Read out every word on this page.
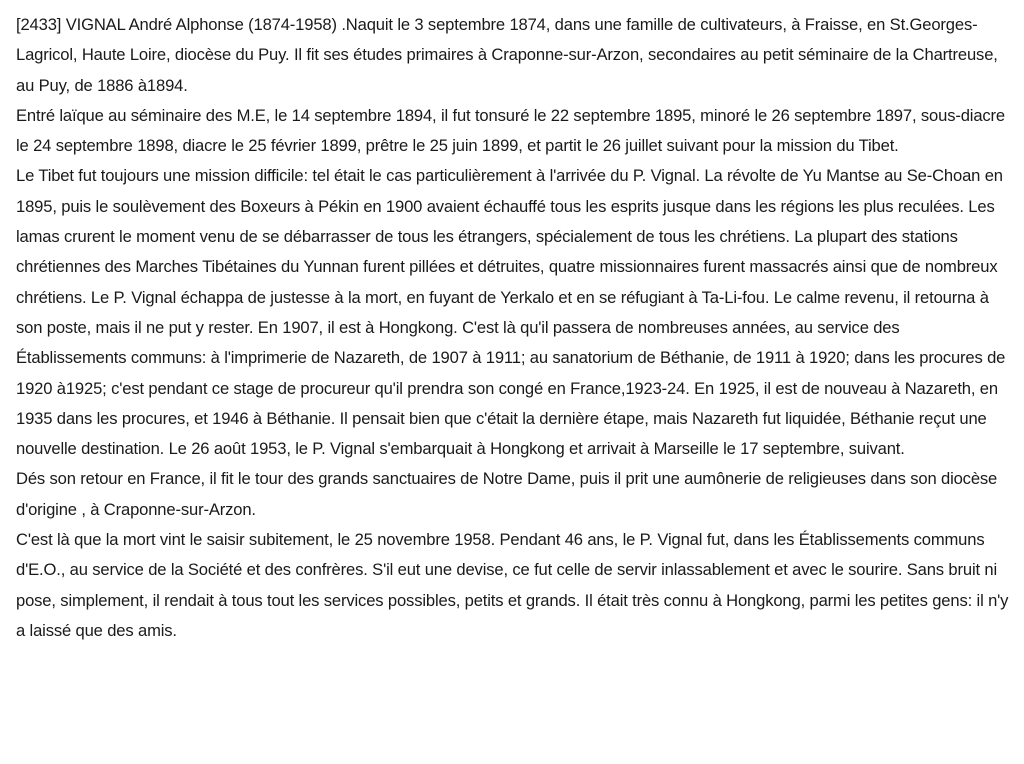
[2433] VIGNAL André Alphonse (1874-1958) .Naquit le 3 septembre 1874, dans une famille de cultivateurs, à Fraisse, en St.Georges-Lagricol, Haute Loire, diocèse du Puy. Il fit ses études primaires à Craponne-sur-Arzon, secondaires au petit séminaire de la Chartreuse, au Puy, de 1886 à1894.

Entré laïque au séminaire des M.E, le 14 septembre 1894, il fut tonsuré le 22 septembre 1895, minoré le 26 septembre 1897, sous-diacre le 24 septembre 1898, diacre le 25 février 1899, prêtre le 25 juin 1899, et partit le 26 juillet suivant pour la mission du Tibet.

Le Tibet fut toujours une mission difficile: tel était le cas particulièrement à l'arrivée du P. Vignal. La révolte de Yu Mantse au Se-Choan en 1895, puis le soulèvement des Boxeurs à Pékin en 1900 avaient échauffé tous les esprits jusque dans les régions les plus reculées. Les lamas crurent le moment venu de se débarrasser de tous les étrangers, spécialement de tous les chrétiens. La plupart des stations chrétiennes des Marches Tibétaines du Yunnan furent pillées et détruites, quatre missionnaires furent massacrés ainsi que de nombreux chrétiens. Le P. Vignal échappa de justesse à la mort, en fuyant de Yerkalo et en se réfugiant à Ta-Li-fou. Le calme revenu, il retourna à son poste, mais il ne put y rester. En 1907, il est à Hongkong. C'est là qu'il passera de nombreuses années, au service des Établissements communs: à l'imprimerie de Nazareth, de 1907 à 1911; au sanatorium de Béthanie, de 1911 à 1920; dans les procures de 1920 à1925; c'est pendant ce stage de procureur qu'il prendra son congé en France,1923-24. En 1925, il est de nouveau à Nazareth, en 1935 dans les procures, et 1946 à Béthanie. Il pensait bien que c'était la dernière étape, mais Nazareth fut liquidée, Béthanie reçut une nouvelle destination. Le 26 août 1953, le P. Vignal s'embarquait à Hongkong et arrivait à Marseille le 17 septembre, suivant.

Dés son retour en France, il fit le tour des grands sanctuaires de Notre Dame, puis il prit une aumônerie de religieuses dans son diocèse d'origine , à Craponne-sur-Arzon.

C'est là que la mort vint le saisir subitement, le 25 novembre 1958. Pendant 46 ans, le P. Vignal fut, dans les Établissements communs d'E.O., au service de la Société et des confrères. S'il eut une devise, ce fut celle de servir inlassablement et avec le sourire. Sans bruit ni pose, simplement, il rendait à tous tout les services possibles, petits et grands. Il était très connu à Hongkong, parmi les petites gens: il n'y a laissé que des amis.
